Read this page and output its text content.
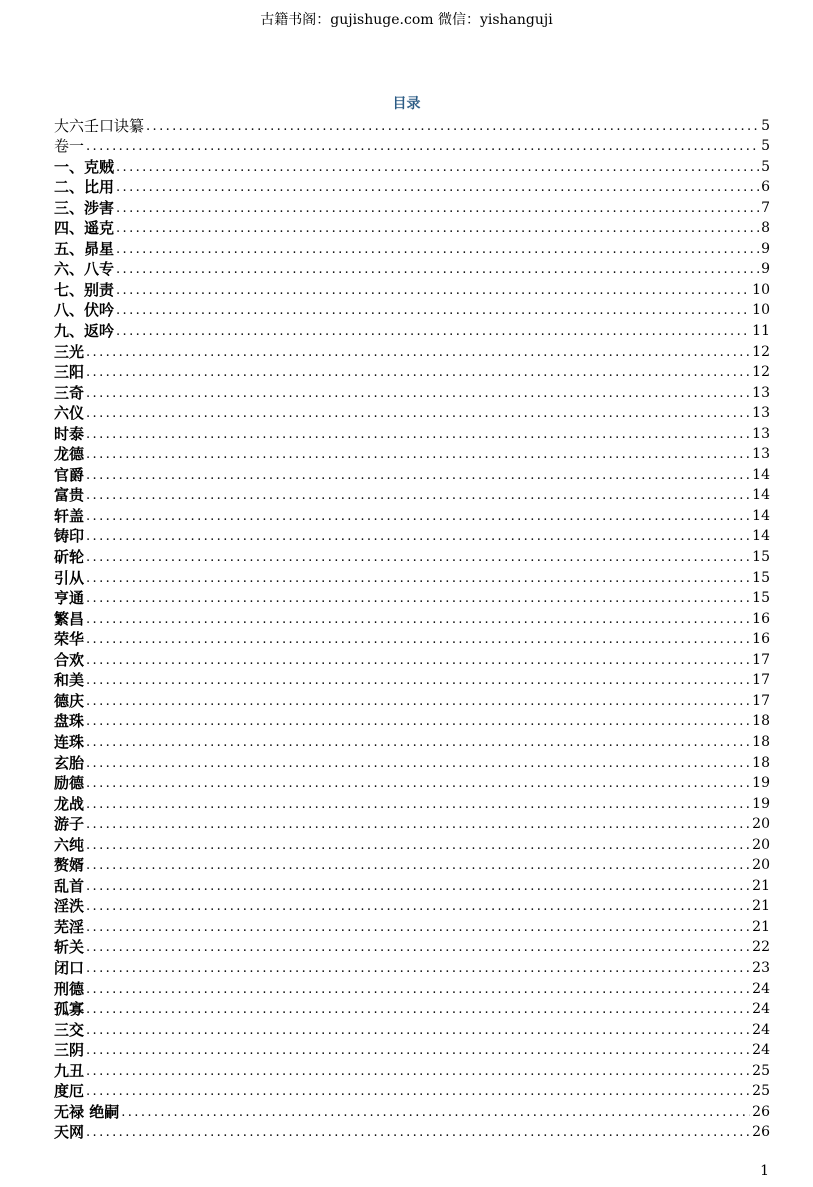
古籍书阁：gujishuge.com 微信：yishanguji
目录
大六壬口诀纂 .....	5
卷一 .....	5
一、克贼 .....	5
二、比用 .....	6
三、涉害 .....	7
四、遥克 .....	8
五、昴星 .....	9
六、八专 .....	9
七、别责 .....	10
八、伏吟 .....	10
九、返吟 .....	11
三光 .....	12
三阳 .....	12
三奇 .....	13
六仪 .....	13
时泰 .....	13
龙德 .....	13
官爵 .....	14
富贵 .....	14
轩盖 .....	14
铸印 .....	14
斫轮 .....	15
引从 .....	15
亨通 .....	15
繁昌 .....	16
荣华 .....	16
合欢 .....	17
和美 .....	17
德庆 .....	17
盘珠 .....	18
连珠 .....	18
玄胎 .....	18
励德 .....	19
龙战 .....	19
游子 .....	20
六纯 .....	20
赘婿 .....	20
乱首 .....	21
淫泆 .....	21
芜淫 .....	21
斩关 .....	22
闭口 .....	23
刑德 .....	24
孤寡 .....	24
三交 .....	24
三阴 .....	24
九丑 .....	25
度厄 .....	25
无禄 绝嗣 .....	26
天网 .....	26
1
